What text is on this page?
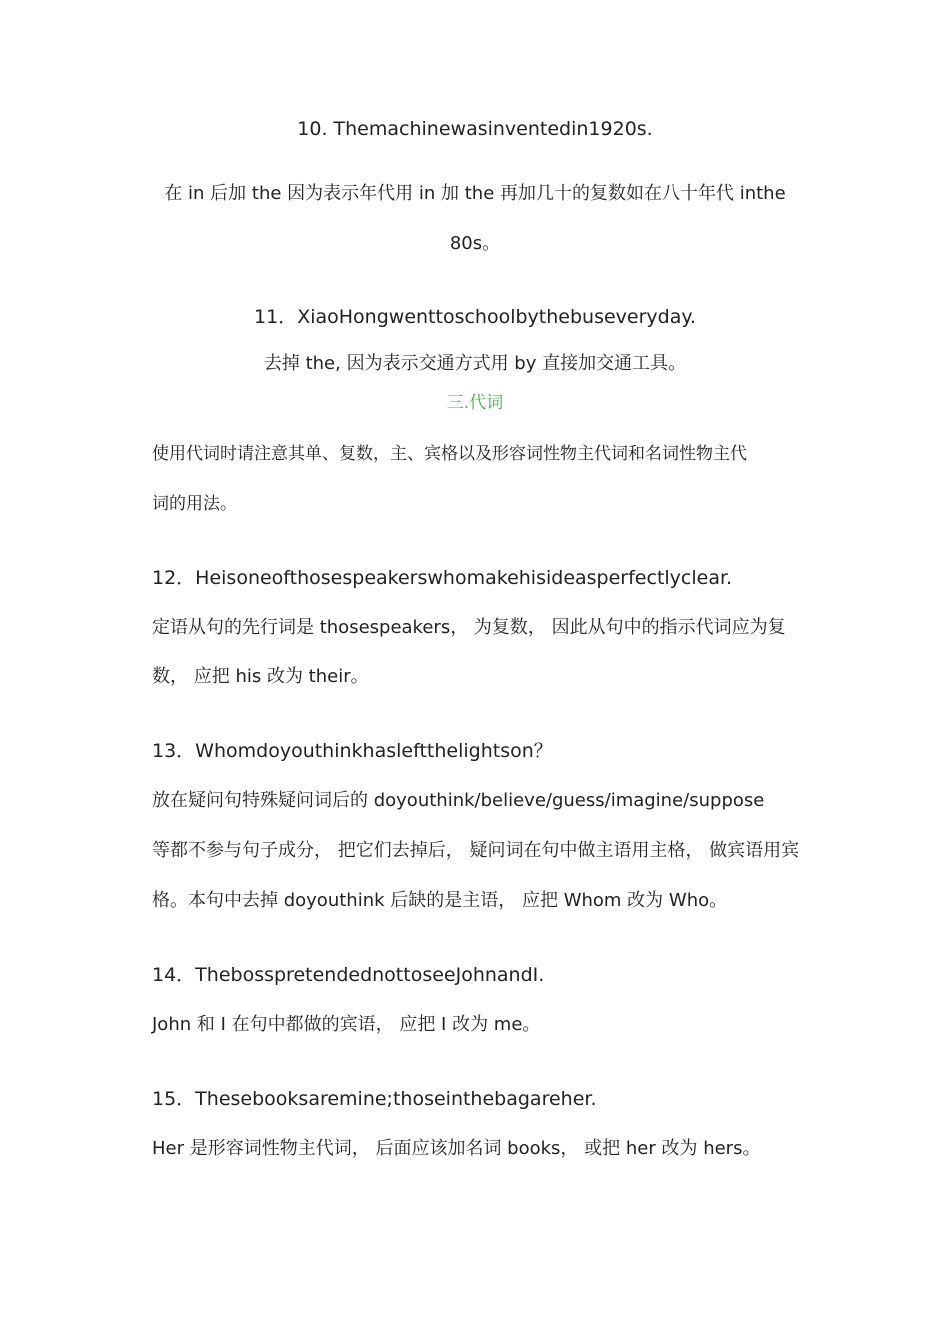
10. Themachinewasinventedin1920s.
在 in 后加 the 因为表示年代用 in 加 the 再加几十的复数如在八十年代 inthe
80s。
11．XiaoHongwenttoschoolbythebuseveryday.
去掉 the, 因为表示交通方式用 by 直接加交通工具。
三.代词
使用代词时请注意其单、复数，主、宾格以及形容词性物主代词和名词性物主代
词的用法。
12．Heisoneofthosespeakerswhomakehisideasperfectlyclear.
定语从句的先行词是 thosespeakers， 为复数， 因此从句中的指示代词应为复
数， 应把 his 改为 their。
13．Whomdoyouthinkhasleftthelightson？
放在疑问句特殊疑问词后的 doyouthink/believe/guess/imagine/suppose
等都不参与句子成分， 把它们去掉后， 疑问词在句中做主语用主格， 做宾语用宾
格。本句中去掉 doyouthink 后缺的是主语， 应把 Whom 改为 Who。
14．ThebosspretendednottoseeJohnandI.
John 和 I 在句中都做的宾语， 应把 I 改为 me。
15．Thesebooksaremine;thoseinthebagareher.
Her 是形容词性物主代词， 后面应该加名词 books， 或把 her 改为 hers。
